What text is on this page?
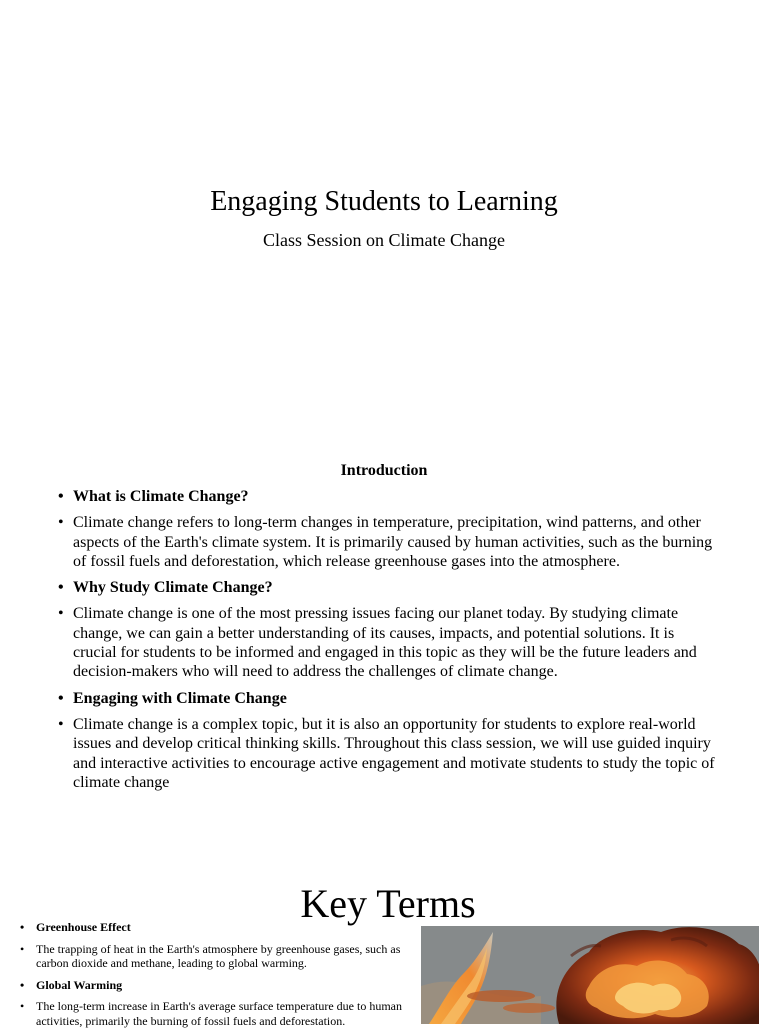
Engaging Students to Learning

Class Session on Climate Change

Introduction
• What is Climate Change?
• Climate change refers to long-term changes in temperature, precipitation, wind patterns, and other aspects of the Earth's climate system. It is primarily caused by human activities, such as the burning of fossil fuels and deforestation, which release greenhouse gases into the atmosphere.
• Why Study Climate Change?
• Climate change is one of the most pressing issues facing our planet today. By studying climate change, we can gain a better understanding of its causes, impacts, and potential solutions. It is crucial for students to be informed and engaged in this topic as they will be the future leaders and decision-makers who will need to address the challenges of climate change.
• Engaging with Climate Change
• Climate change is a complex topic, but it is also an opportunity for students to explore real-world issues and develop critical thinking skills. Throughout this class session, we will use guided inquiry and interactive activities to encourage active engagement and motivate students to study the topic of climate change
Key Terms
• Greenhouse Effect
• The trapping of heat in the Earth's atmosphere by greenhouse gases, such as carbon dioxide and methane, leading to global warming.
• Global Warming
• The long-term increase in Earth's average surface temperature due to human activities, primarily the burning of fossil fuels and deforestation.
